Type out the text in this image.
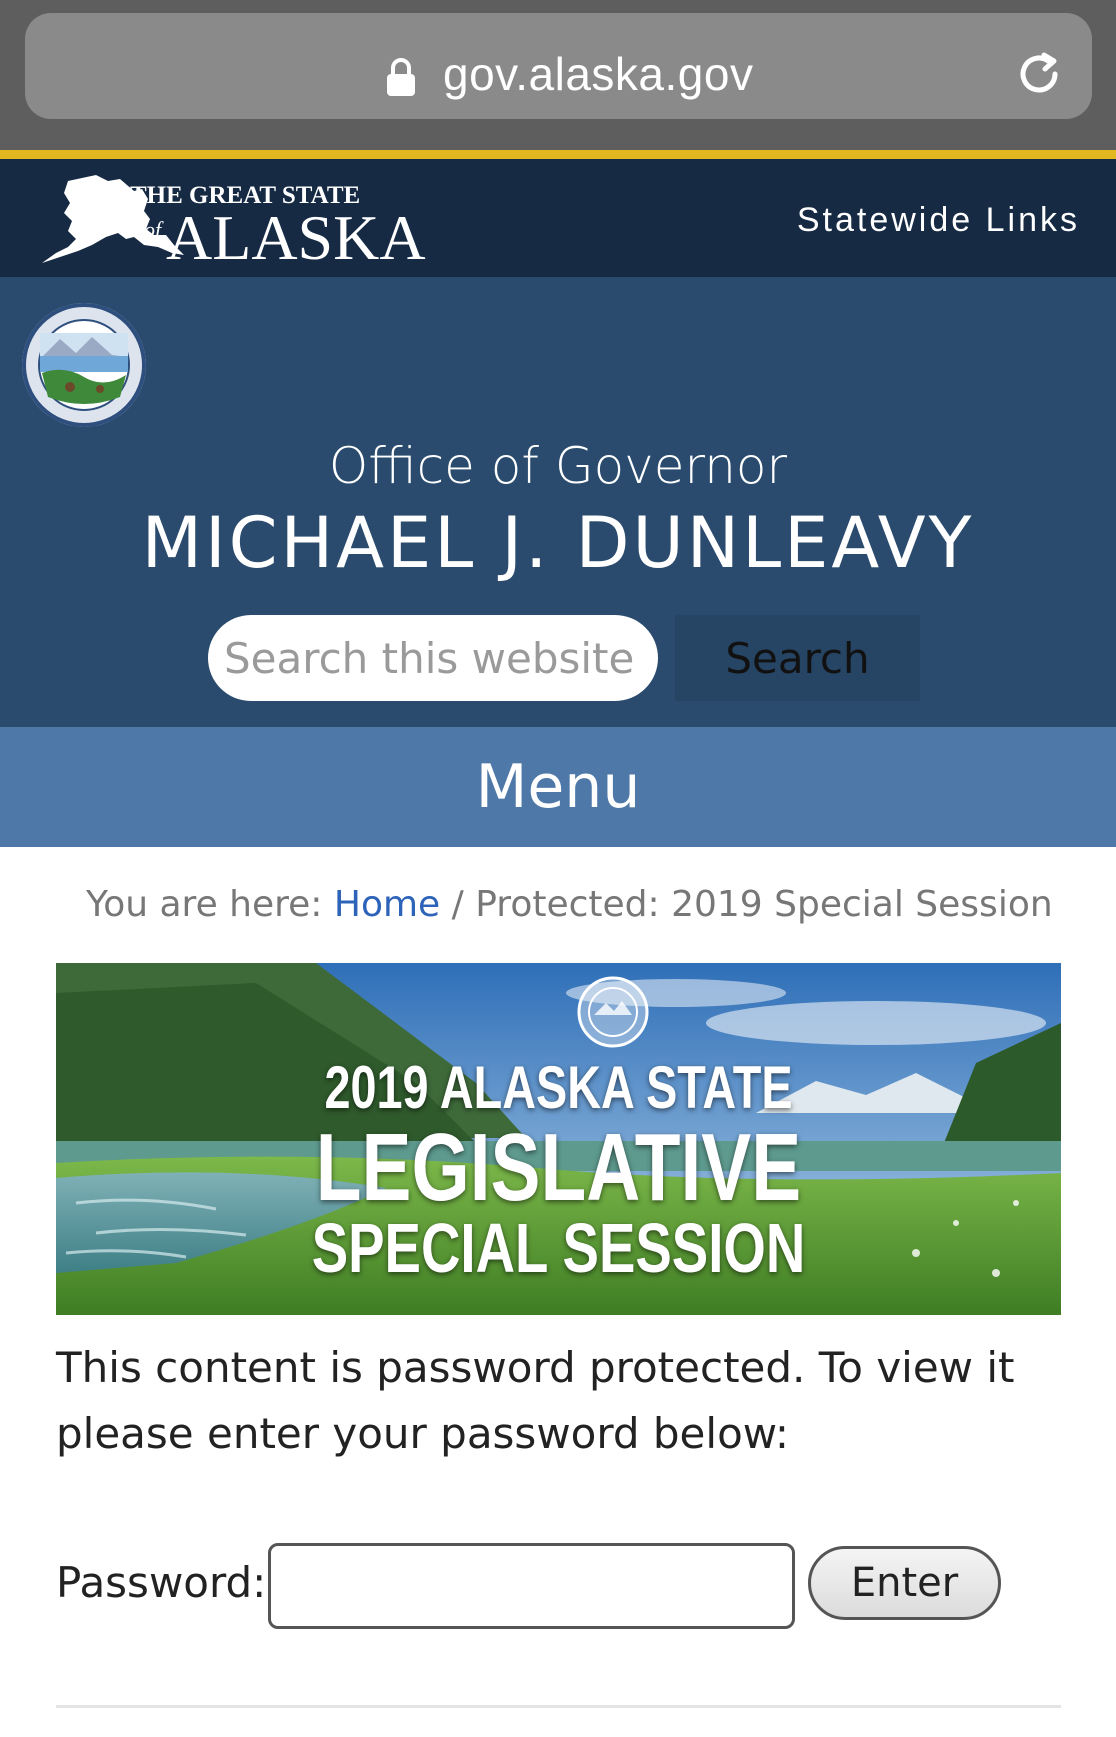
gov.alaska.gov
THE GREAT STATE
of ALASKA	Statewide Links
Office of Governor
MICHAEL J. DUNLEAVY
Search this website
Search
Menu
You are here: Home / Protected: 2019 Special Session
2019 ALASKA STATE
LEGISLATIVE
SPECIAL SESSION

This content is password protected. To view it please enter your password below:

Password:	Enter
